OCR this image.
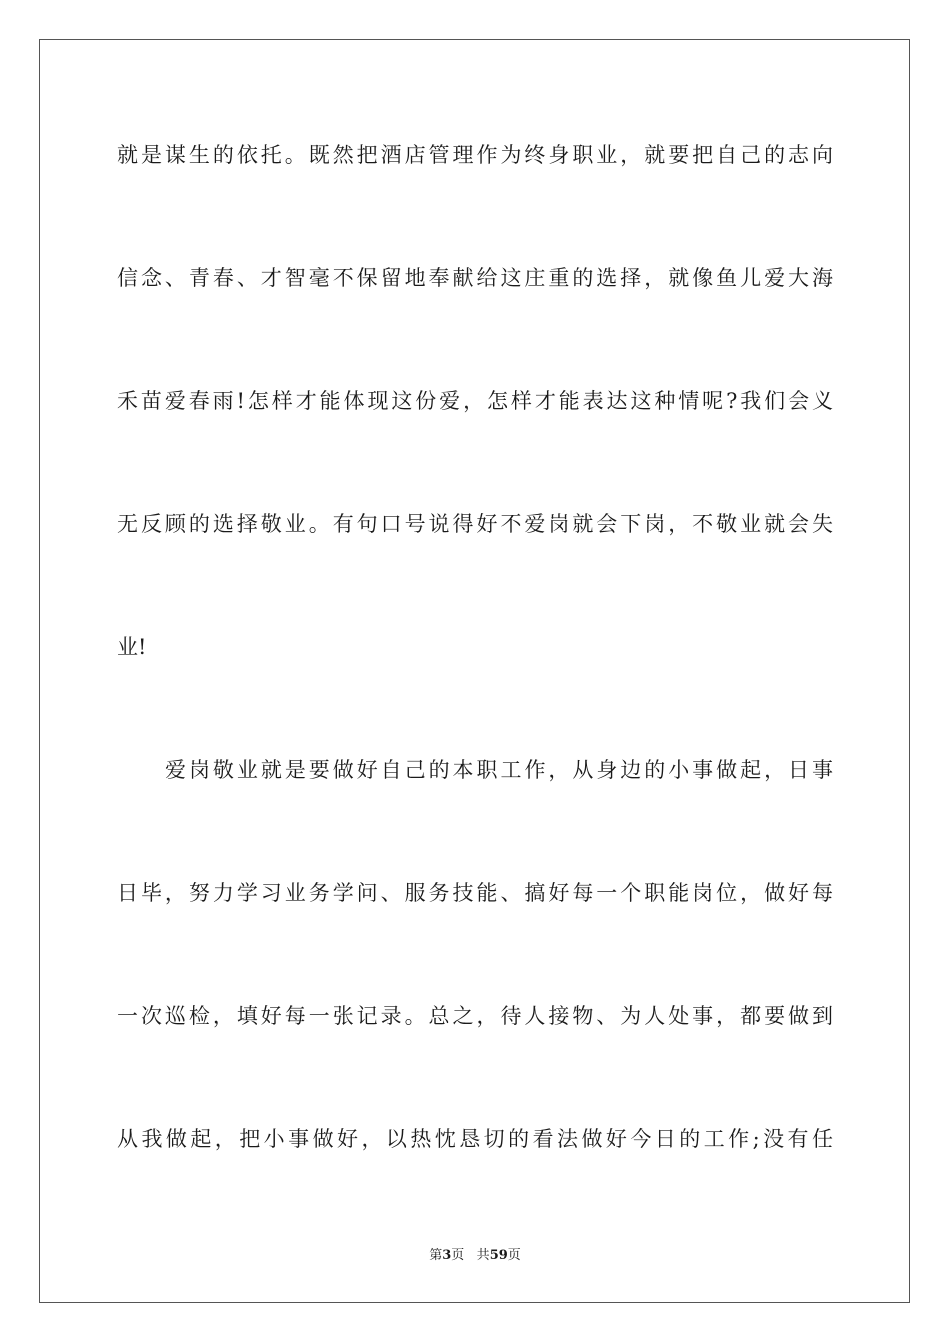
就是谋生的依托。既然把酒店管理作为终身职业，就要把自己的志向
信念、青春、才智毫不保留地奉献给这庄重的选择，就像鱼儿爱大海
禾苗爱春雨!怎样才能体现这份爱，怎样才能表达这种情呢?我们会义
无反顾的选择敬业。有句口号说得好不爱岗就会下岗，不敬业就会失
业!
爱岗敬业就是要做好自己的本职工作，从身边的小事做起，日事
日毕，努力学习业务学问、服务技能、搞好每一个职能岗位，做好每
一次巡检，填好每一张记录。总之，待人接物、为人处事，都要做到
从我做起，把小事做好，以热忱恳切的看法做好今日的工作;没有任
第3页 共59页
